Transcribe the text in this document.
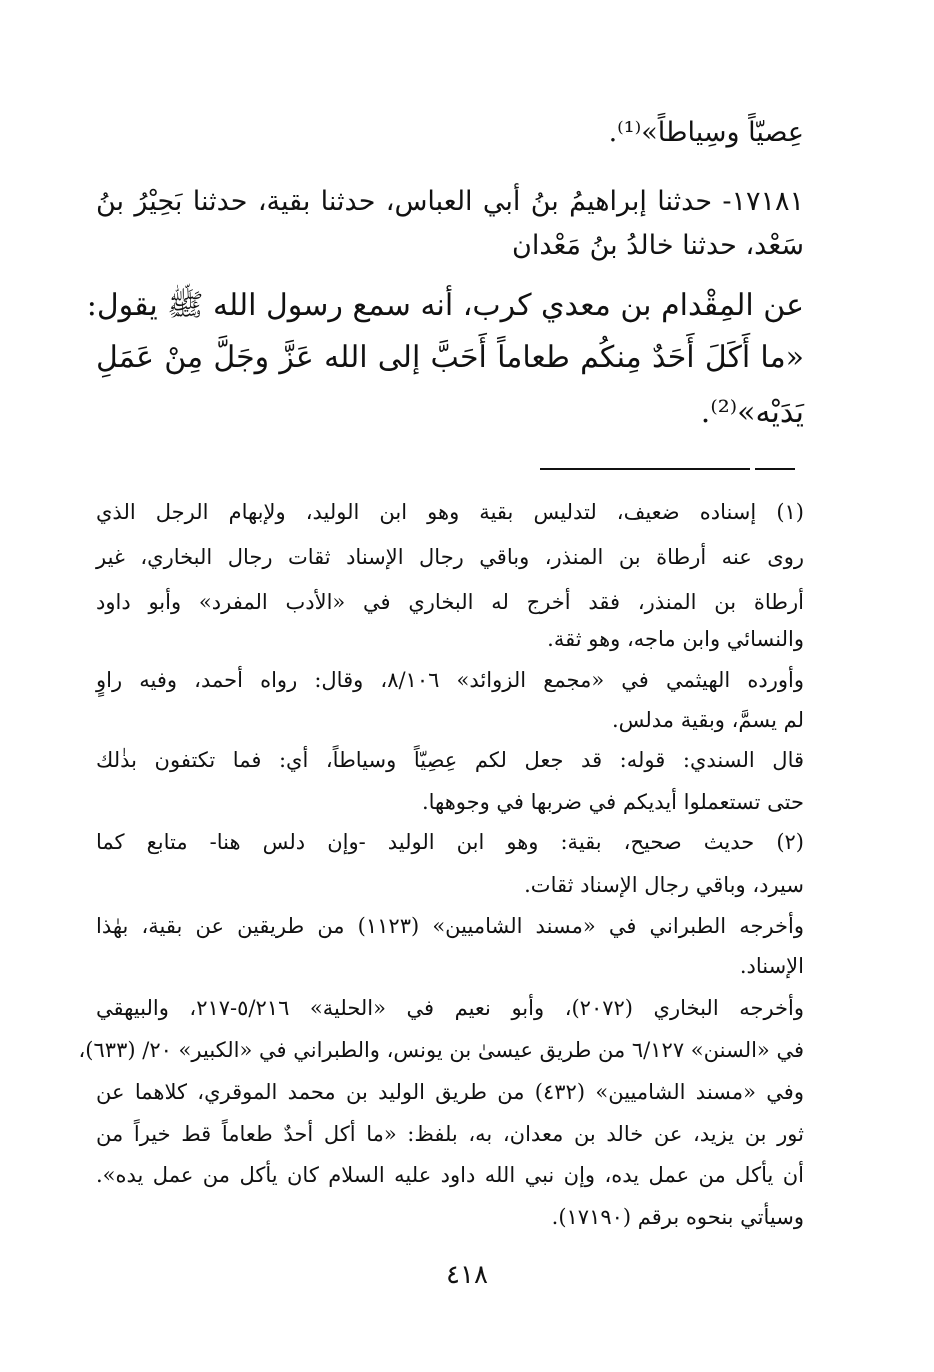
عِصيّاً وسِياطاً»⁽¹⁾.
١٧١٨١- حدثنا إبراهيمُ بنُ أبي العباس، حدثنا بقية، حدثنا بَحِيْرُ بنُ
سَعْد، حدثنا خالدُ بنُ مَعْدان
عن المِقْدام بن معدي كرب، أنه سمع رسول الله ﷺ يقول:
«ما أَكَلَ أَحَدٌ مِنكُم طعاماً أَحَبَّ إلى الله عَزَّ وجَلَّ مِنْ عَمَلِ
يَدَيْه»⁽²⁾.
(١) إسناده ضعيف، لتدليس بقية وهو ابن الوليد، ولإبهام الرجل الذي
روى عنه أرطاة بن المنذر، وباقي رجال الإسناد ثقات رجال البخاري، غير
أرطاة بن المنذر، فقد أخرج له البخاري في «الأدب المفرد» وأبو داود
والنسائي وابن ماجه، وهو ثقة.
وأورده الهيثمي في «مجمع الزوائد» ٨/١٠٦، وقال: رواه أحمد، وفيه راوٍ
لم يسمَّ، وبقية مدلس.
قال السندي: قوله: قد جعل لكم عِصِيّاً وسياطاً، أي: فما تكتفون بذٰلك
حتى تستعملوا أيديكم في ضربها في وجوهها.
(٢) حديث صحيح، بقية: وهو ابن الوليد -وإن دلس هنا- متابع كما
سيرد، وباقي رجال الإسناد ثقات.
وأخرجه الطبراني في «مسند الشاميين» (١١٢٣) من طريقين عن بقية، بهٰذا
الإسناد.
وأخرجه البخاري (٢٠٧٢)، وأبو نعيم في «الحلية» ٥/٢١٦-٢١٧، والبيهقي
في «السنن» ٦/١٢٧ من طريق عيسىٰ بن يونس، والطبراني في «الكبير» ٢٠/ (٦٣٣)،
وفي «مسند الشاميين» (٤٣٢) من طريق الوليد بن محمد الموقري، كلاهما عن
ثور بن يزيد، عن خالد بن معدان، به، بلفظ: «ما أكل أحدٌ طعاماً قط خيراً من
أن يأكل من عمل يده، وإن نبي الله داود عليه السلام كان يأكل من عمل يده».
وسيأتي بنحوه برقم (١٧١٩٠).
٤١٨
